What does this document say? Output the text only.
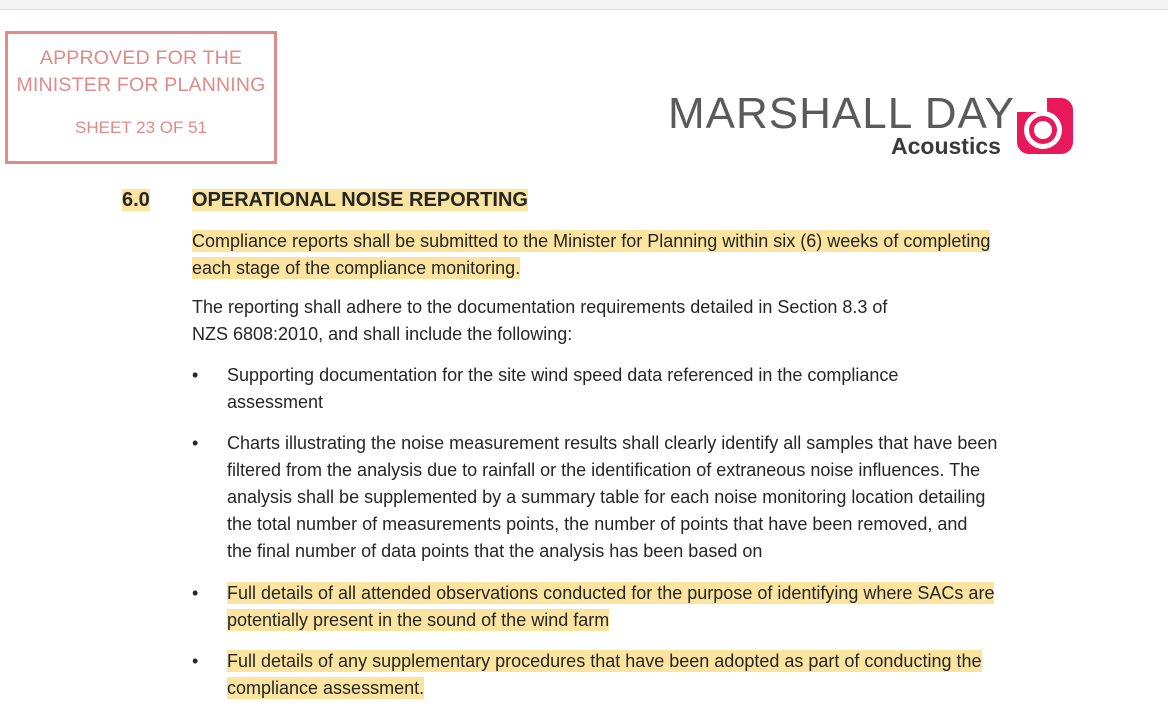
APPROVED FOR THE
MINISTER FOR PLANNING
SHEET 23 OF 51	MARSHALL DAY
Acoustics
6.0 OPERATIONAL NOISE REPORTING
Compliance reports shall be submitted to the Minister for Planning within six (6) weeks of completing
each stage of the compliance monitoring.
The reporting shall adhere to the documentation requirements detailed in Section 8.3 of
NZS 6808:2010, and shall include the following:
•	Supporting documentation for the site wind speed data referenced in the compliance
assessment
•	Charts illustrating the noise measurement results shall clearly identify all samples that have been
filtered from the analysis due to rainfall or the identification of extraneous noise influences. The
analysis shall be supplemented by a summary table for each noise monitoring location detailing
the total number of measurements points, the number of points that have been removed, and
the final number of data points that the analysis has been based on
•	Full details of all attended observations conducted for the purpose of identifying where SACs are
potentially present in the sound of the wind farm
•	Full details of any supplementary procedures that have been adopted as part of conducting the
compliance assessment.
